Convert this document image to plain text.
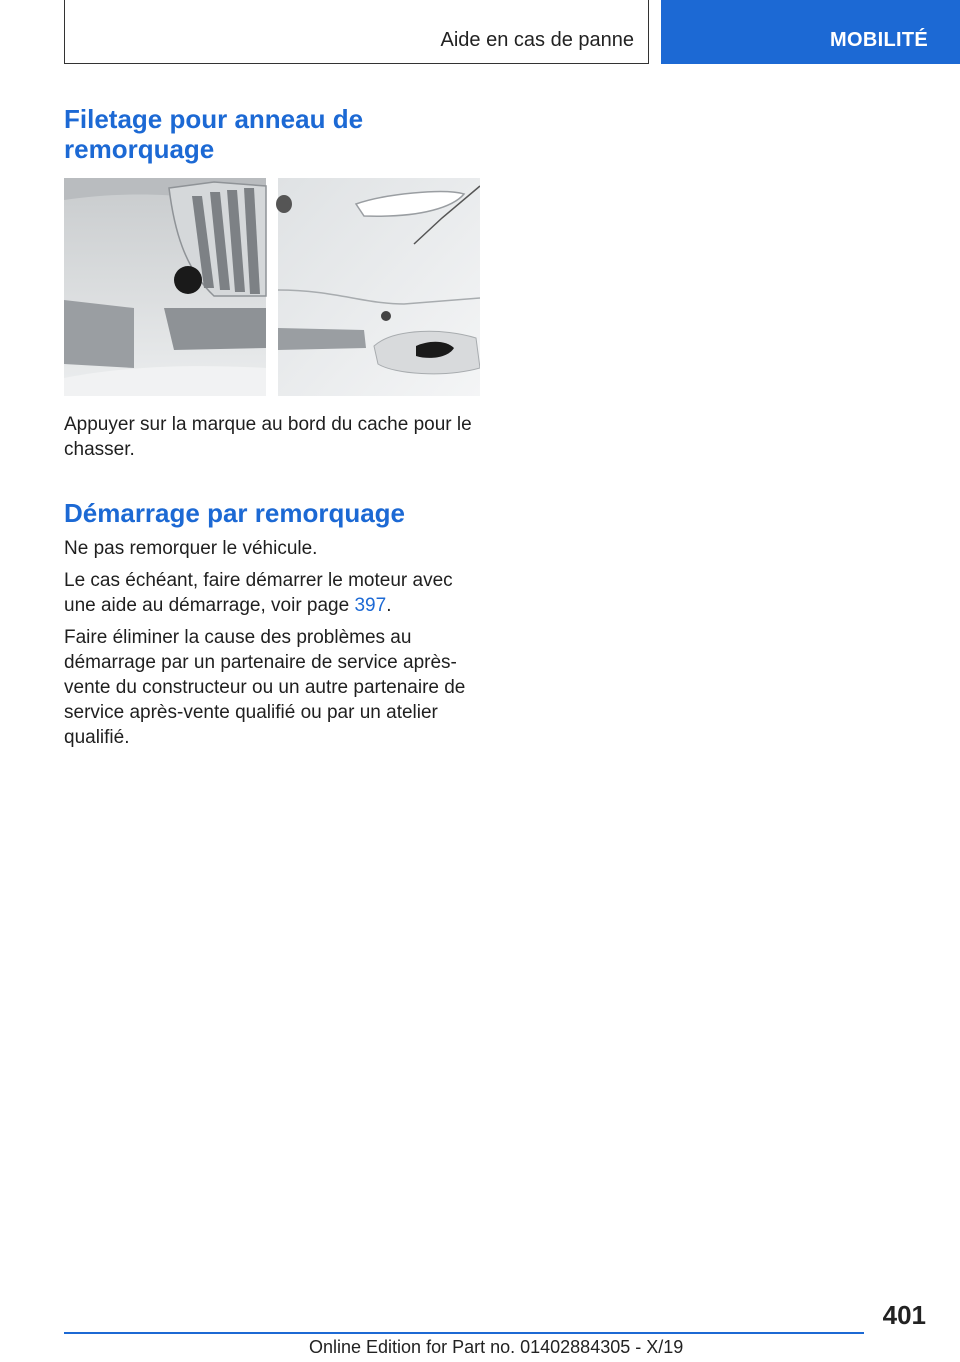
Aide en cas de panne	MOBILITÉ
Filetage pour anneau de remorquage

Appuyer sur la marque au bord du cache pour le chasser.

Démarrage par remorquage

Ne pas remorquer le véhicule.

Le cas échéant, faire démarrer le moteur avec une aide au démarrage, voir page 397.

Faire éliminer la cause des problèmes au démarrage par un partenaire de service après-vente du constructeur ou un autre partenaire de service après-vente qualifié ou par un atelier qualifié.

401
Online Edition for Part no. 01402884305 - X/19
